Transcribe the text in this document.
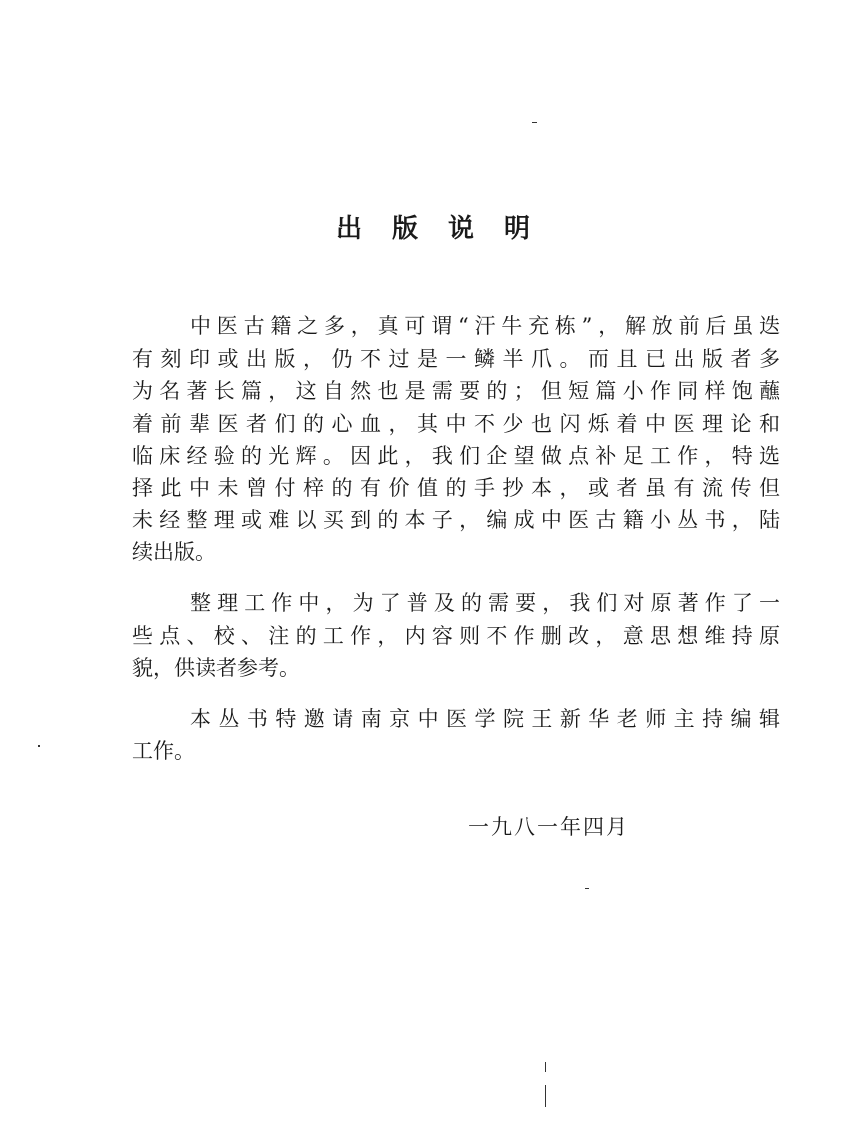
出版说明
中医古籍之多，真可谓“汗牛充栋”，解放前后虽迭
有刻印或出版，仍不过是一鳞半爪。而且已出版者多
为名著长篇，这自然也是需要的；但短篇小作同样饱蘸
着前辈医者们的心血，其中不少也闪烁着中医理论和
临床经验的光辉。因此，我们企望做点补足工作，特选
择此中未曾付梓的有价值的手抄本，或者虽有流传但
未经整理或难以买到的本子，编成中医古籍小丛书，陆
续出版。
整理工作中，为了普及的需要，我们对原著作了一
些点、校、注的工作，内容则不作删改，意思想维持原
貌，供读者参考。
本丛书特邀请南京中医学院王新华老师主持编辑
工作。
一九八一年四月
